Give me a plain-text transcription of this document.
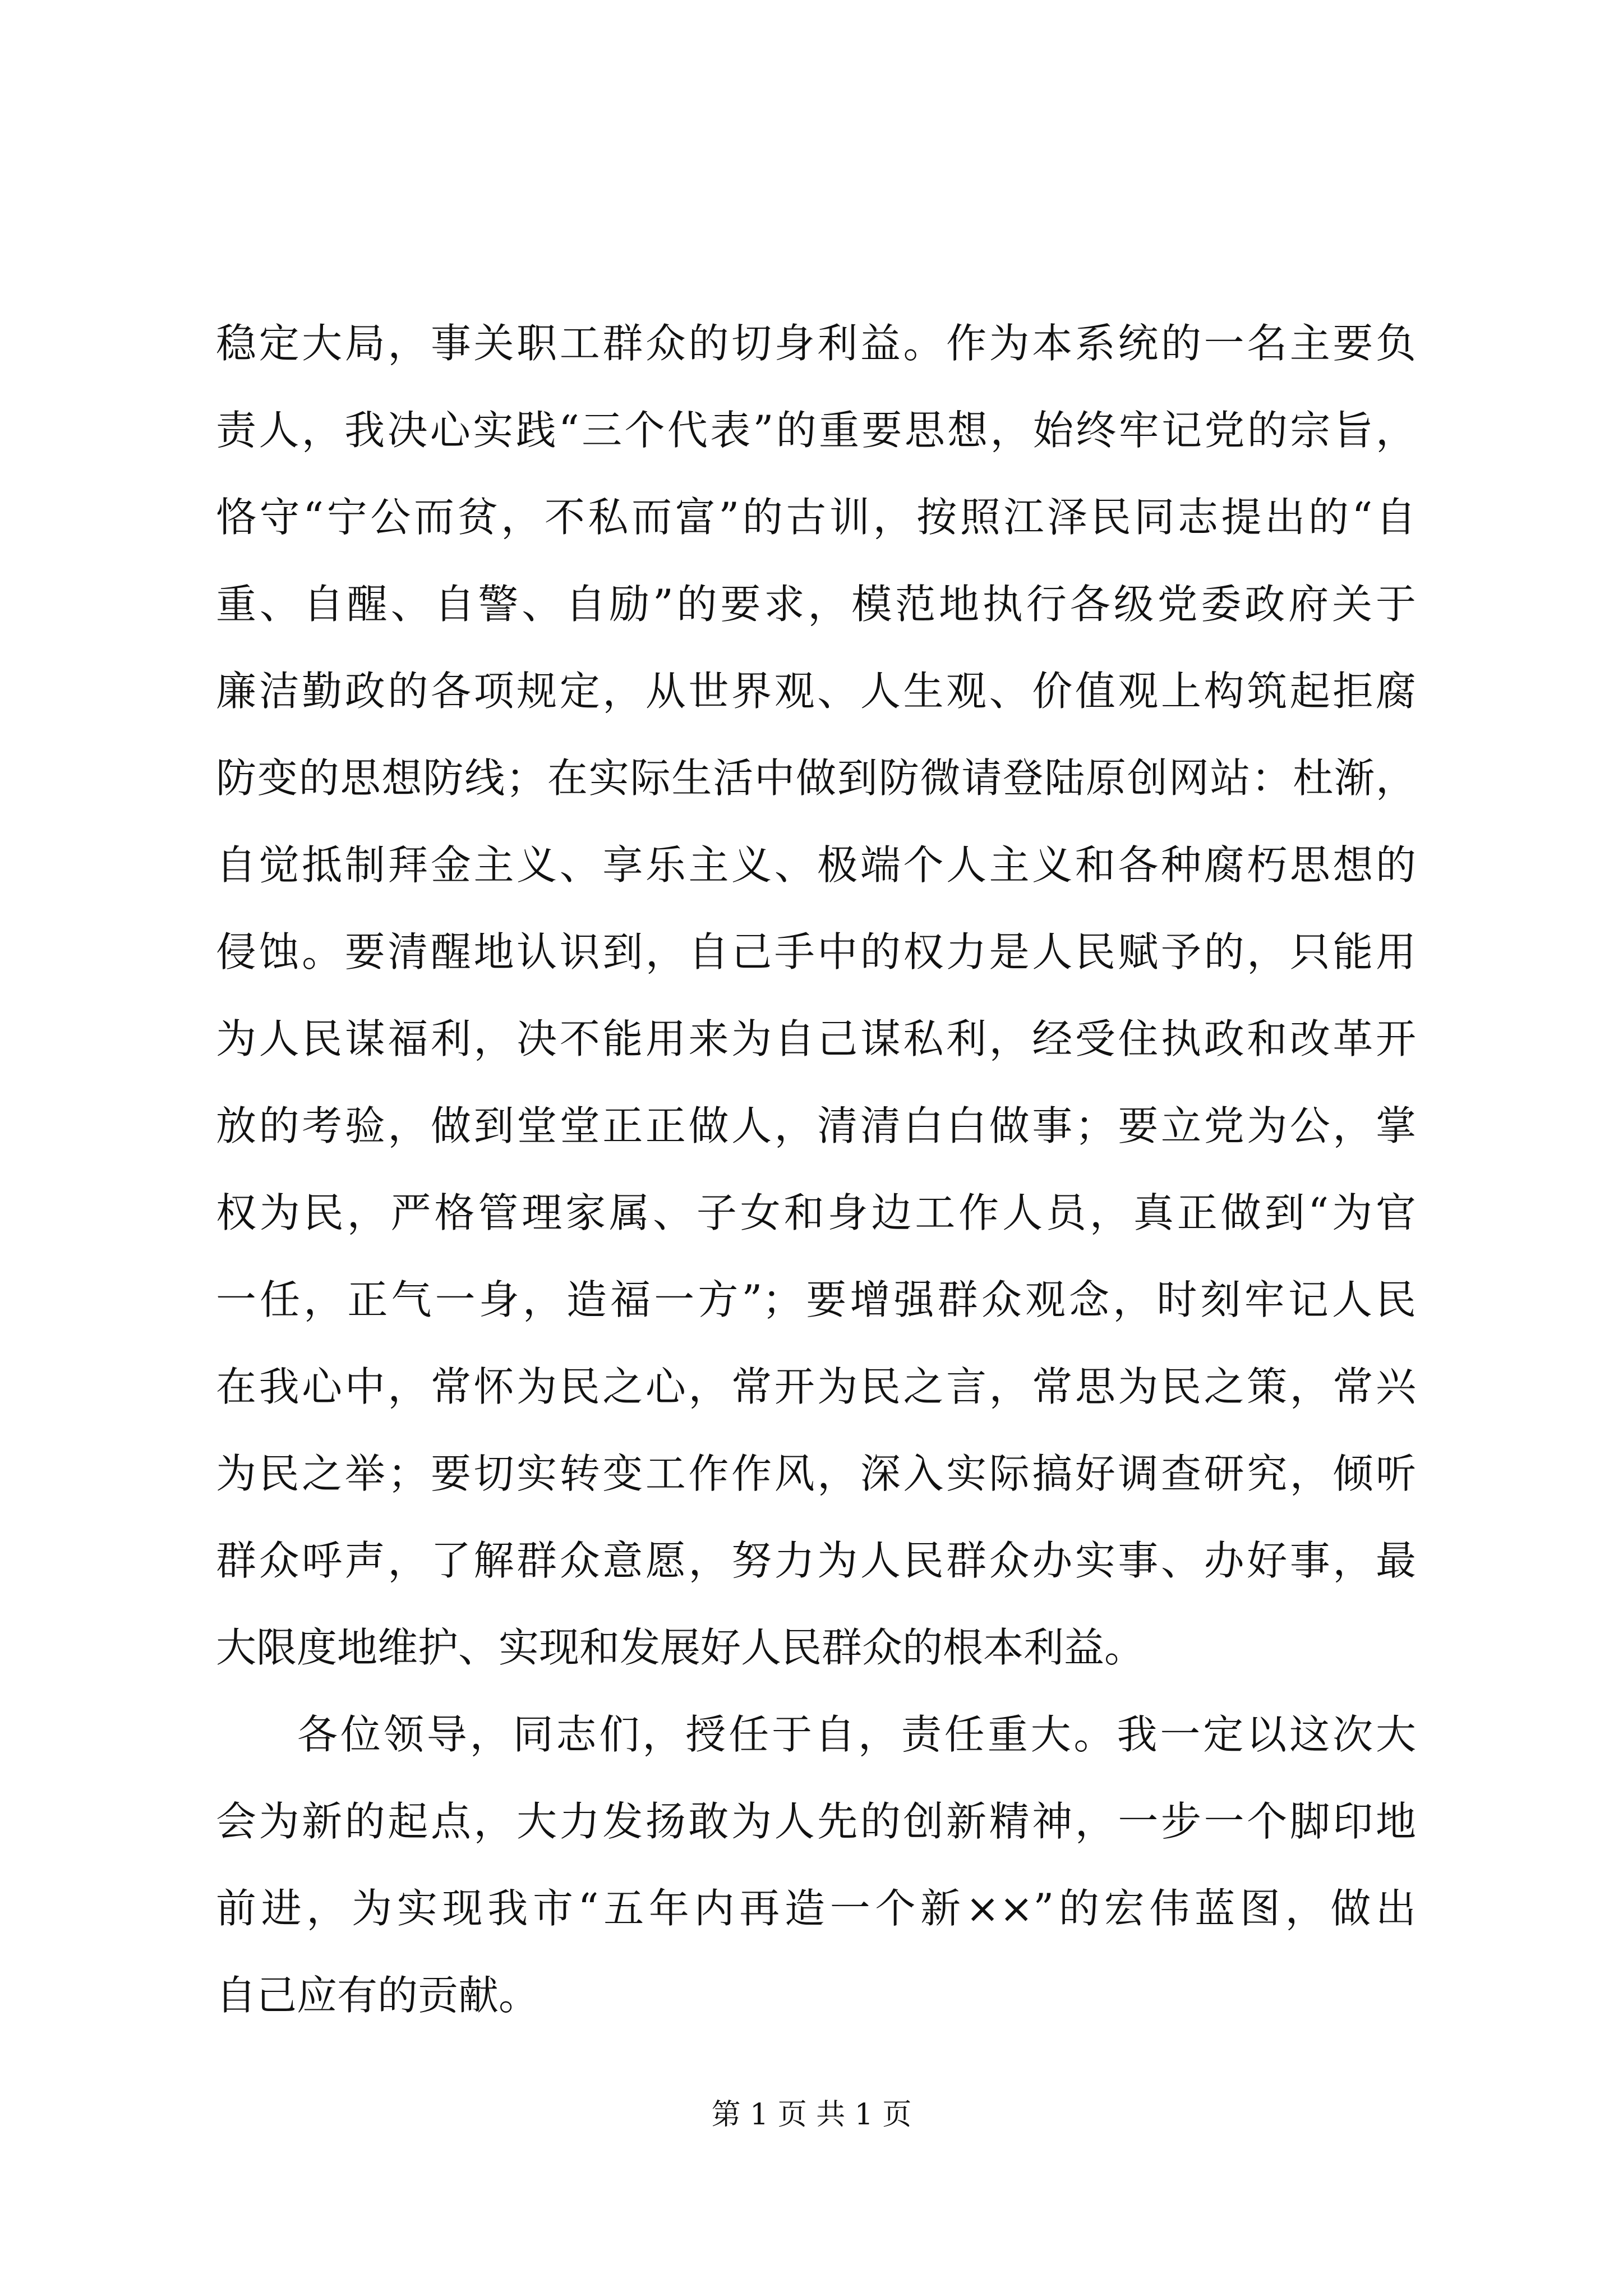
稳定大局，事关职工群众的切身利益。作为本系统的一名主要负
责人，我决心实践“三个代表”的重要思想，始终牢记党的宗旨，
恪守“宁公而贫，不私而富”的古训，按照江泽民同志提出的“自
重、自醒、自警、自励”的要求，模范地执行各级党委政府关于
廉洁勤政的各项规定，从世界观、人生观、价值观上构筑起拒腐
防变的思想防线；在实际生活中做到防微请登陆原创网站：杜渐，
自觉抵制拜金主义、享乐主义、极端个人主义和各种腐朽思想的
侵蚀。要清醒地认识到，自己手中的权力是人民赋予的，只能用
为人民谋福利，决不能用来为自己谋私利，经受住执政和改革开
放的考验，做到堂堂正正做人，清清白白做事；要立党为公，掌
权为民，严格管理家属、子女和身边工作人员，真正做到“为官
一任，正气一身，造福一方”；要增强群众观念，时刻牢记人民
在我心中，常怀为民之心，常开为民之言，常思为民之策，常兴
为民之举；要切实转变工作作风，深入实际搞好调查研究，倾听
群众呼声，了解群众意愿，努力为人民群众办实事、办好事，最
大限度地维护、实现和发展好人民群众的根本利益。
各位领导，同志们，授任于自，责任重大。我一定以这次大
会为新的起点，大力发扬敢为人先的创新精神，一步一个脚印地
前进，为实现我市“五年内再造一个新××”的宏伟蓝图，做出
自己应有的贡献。
第 1 页 共 1 页
